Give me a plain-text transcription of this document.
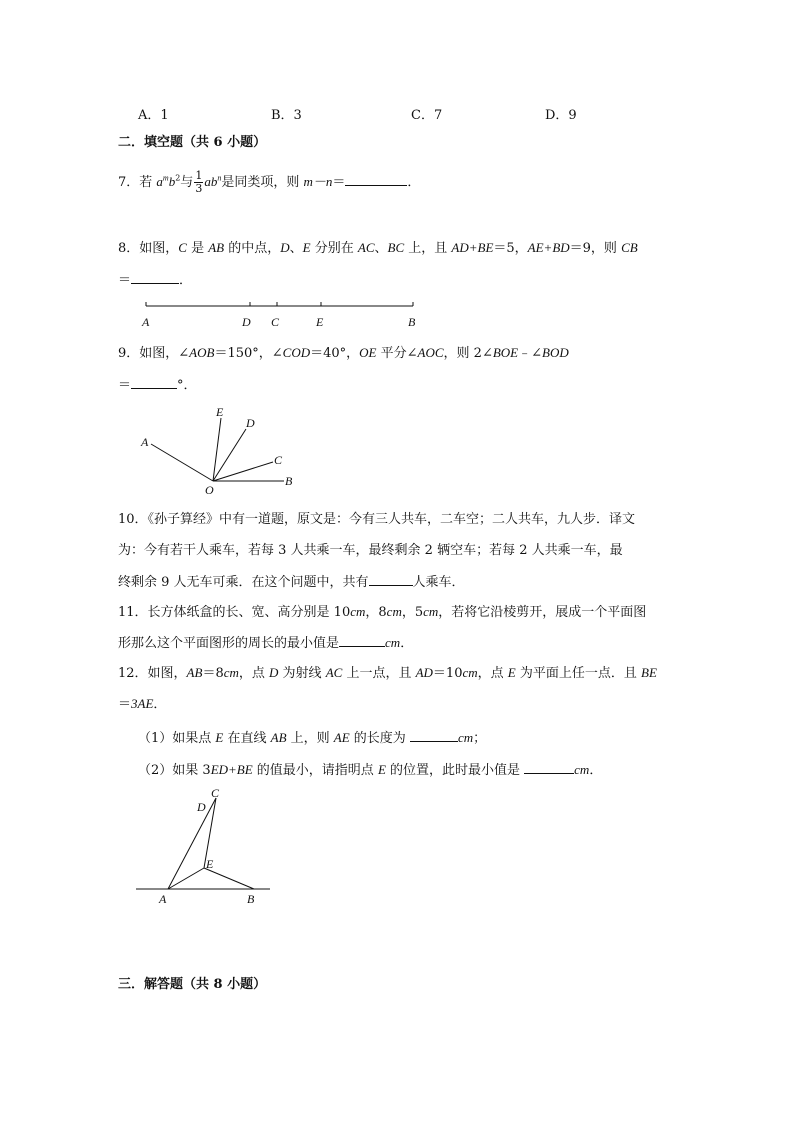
A．1	B．3	C．7	D．9
二．填空题（共 6 小题）
7．若 $a^mb^2$与 $\frac{1}{3} ab^n$是同类项，则 m－n＝	．
8．如图，C 是 AB 的中点，D、E 分别在 AC、BC 上，且 AD+BE＝5，AE+BD＝9，则 CB
＝	．
A	D C	E	B
9．如图，∠AOB＝150°，∠COD＝40°，OE 平分∠AOC，则 2∠BOE﹣∠BOD
＝	°．
E
D
A
C
B
O
10．《孙子算经》中有一道题，原文是：今有三人共车，二车空；二人共车，九人步．译文
为：今有若干人乘车，若每 3 人共乘一车，最终剩余 2 辆空车；若每 2 人共乘一车，最
终剩余 9 人无车可乘．在这个问题中，共有	人乘车．
11．长方体纸盒的长、宽、高分别是 10cm，8cm，5cm，若将它沿棱剪开，展成一个平面图
形那么这个平面图形的周长的最小值是	cm．
12．如图，AB＝8cm，点 D 为射线 AC 上一点，且 AD＝10cm，点 E 为平面上任一点．且 BE
＝3AE．
（1）如果点 E 在直线 AB 上，则 AE 的长度为	cm；
（2）如果 3ED+BE 的值最小，请指明点 E 的位置，此时最小值是	cm．
C
D
E
A	B
三．解答题（共 8 小题）
